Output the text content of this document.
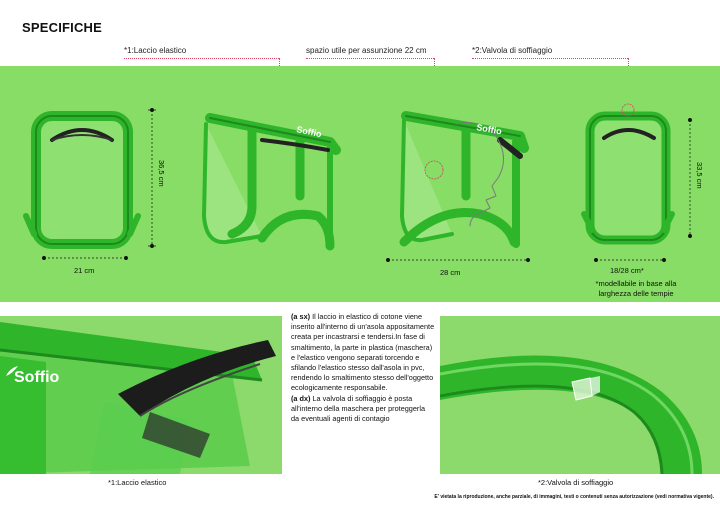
SPECIFICHE
*1:Laccio elastico	spazio utile per assunzione 22 cm	*2:Valvola di soffiaggio
Soffio	Soffio
36,5 cm
21 cm	28 cm	18/28 cm*
33,5 cm
*modellabile in base alla
larghezza delle tempie
Soffio
*1:Laccio elastico

(a sx) Il laccio in elastico di cotone viene inserito all'interno di un'asola appositamente creata per incastrarsi e tendersi.In fase di smaltimento, la parte in plastica (maschera) e l'elastico vengono separati torcendo e sfilando l'elastico stesso dall'asola in pvc, rendendo lo smaltimento stesso dell'oggetto ecologicamente responsabile.

(a dx) La valvola di soffiaggio è posta all'interno della maschera per proteggerla da eventuali agenti di contagio

*2:Valvola di soffiaggio
E' vietata la riproduzione, anche parziale, di immagini, testi o contenuti senza autorizzazione (vedi normativa vigente).
